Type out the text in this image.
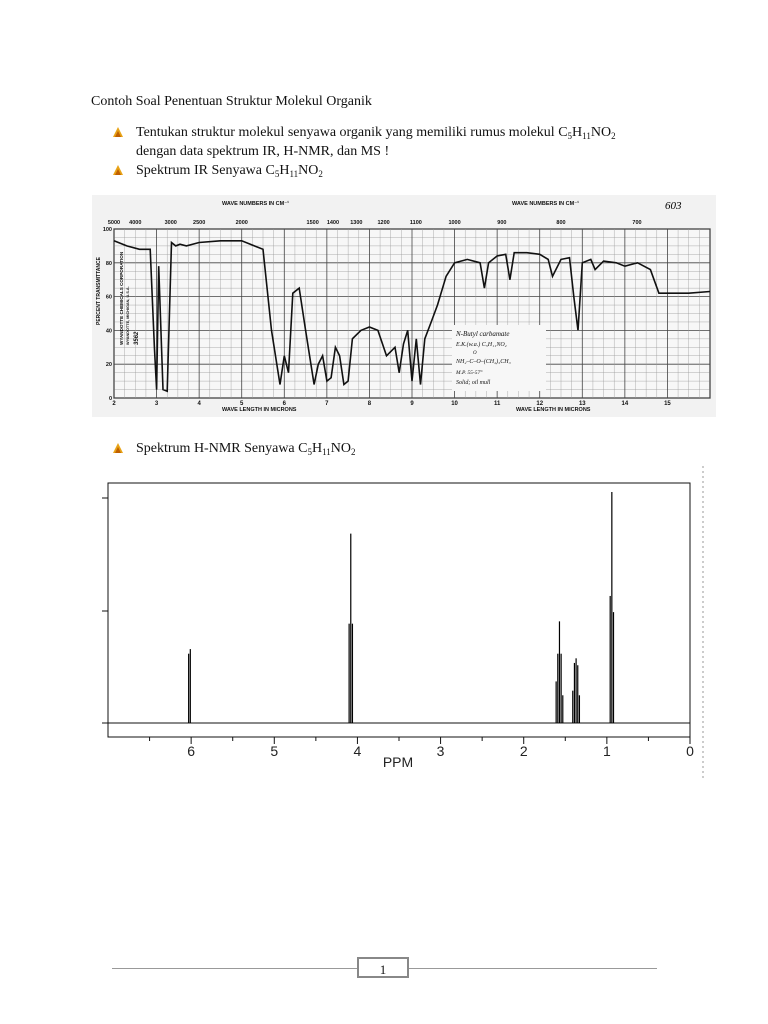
Contoh Soal Penentuan Struktur Molekul Organik
Tentukan struktur molekul senyawa organik yang memiliki rumus molekul $C_5H_{11}NO_2$
dengan data spektrum IR, H-NMR, dan MS !
Spektrum IR Senyawa $C_5H_{11}NO_2$
WAVE NUMBERS IN CM⁻¹	WAVE NUMBERS IN CM⁻¹	603
5000 4000	3000	2500	2000	1500 1400 1300	1200	1100	1000	900	800	700
2	3	4	5	6	7	8	9	10	11	12	13	14	15
100
80
60
40
20
0
WAVE LENGTH IN MICRONS	WAVE LENGTH IN MICRONS
PERCENT TRANSMITTANCE	WYANDOTTE CHEMICALS CORPORATION WYANDOTTE, MICHIGAN, U.S.A. 3562	N-Butyl carbamate
E.K.(w.a.) C₅H₁₁NO₂
O
NH₂–C–O–(CH₂)₃CH₃
M.P. 55-57°
Solid; oil mull
Spektrum H-NMR Senyawa $C_5H_{11}NO_2$
6	5	4	3	2	1	0
PPM
1
